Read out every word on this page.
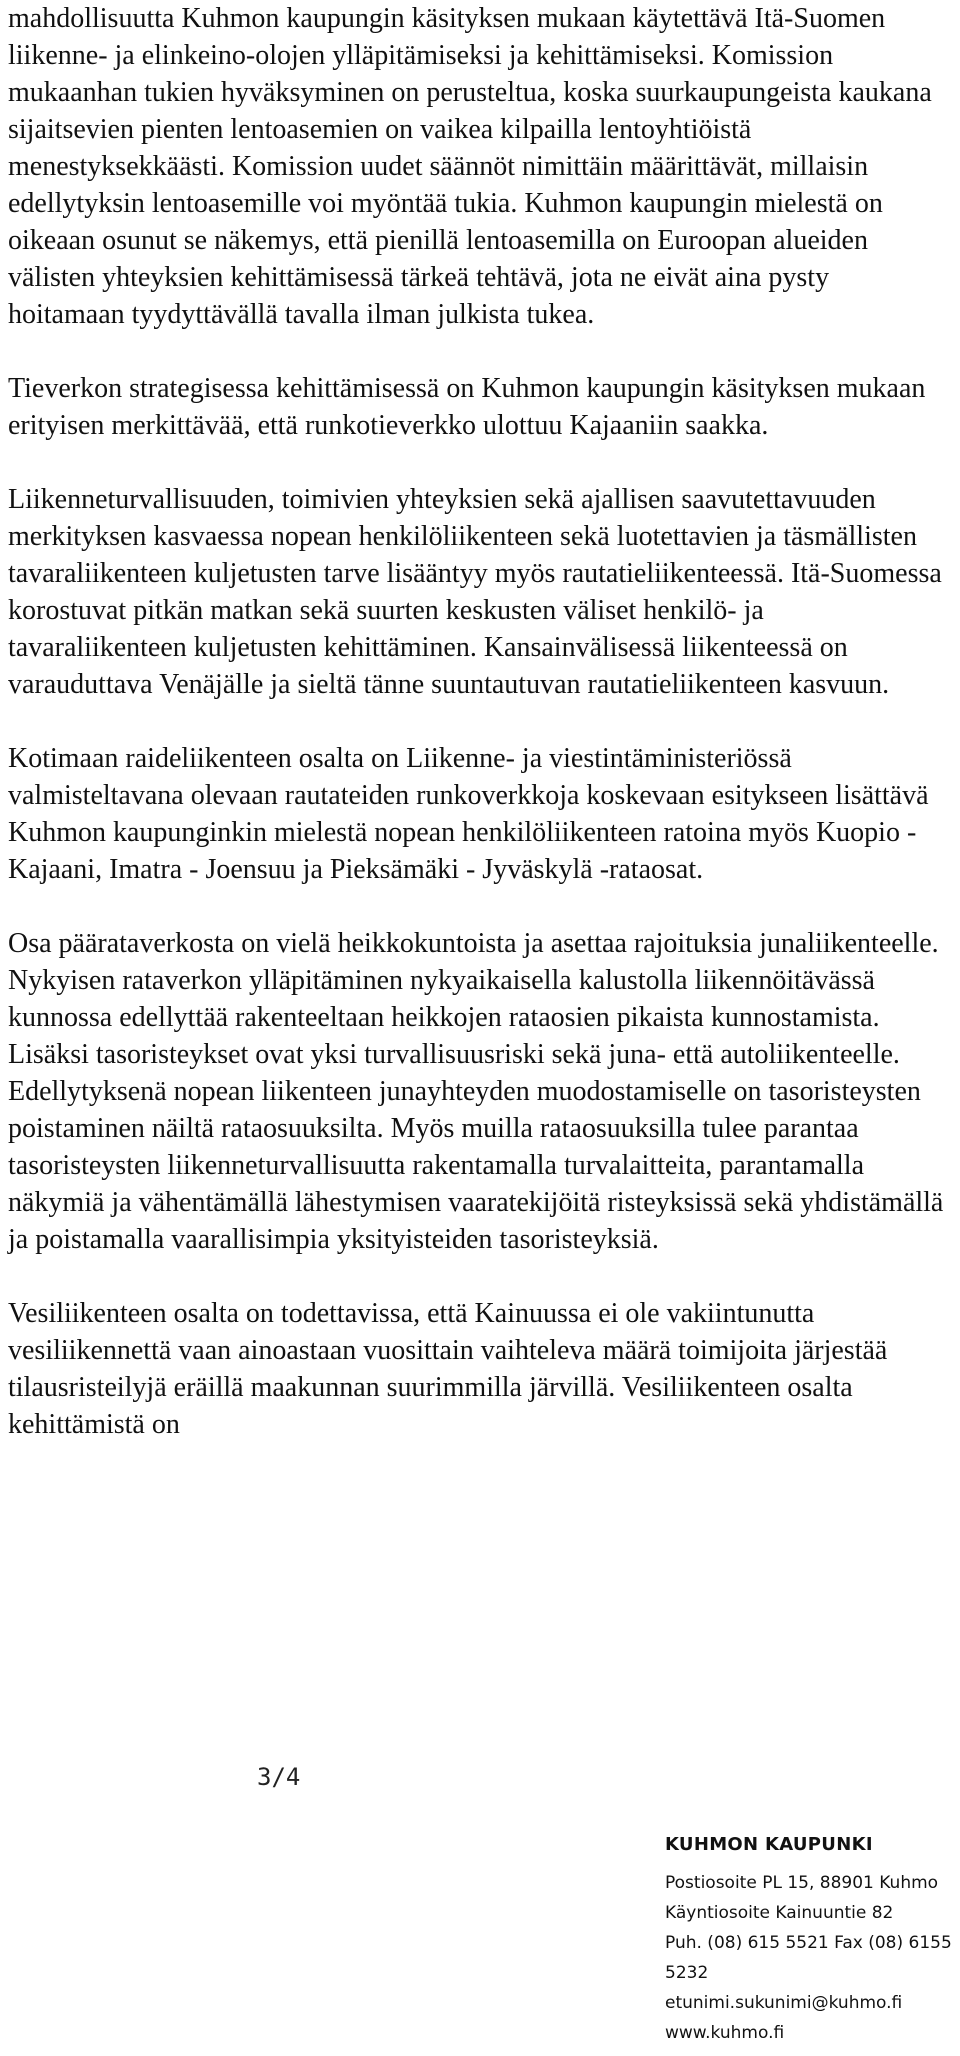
mahdollisuutta Kuhmon kaupungin käsityksen mukaan käytettävä Itä-Suomen liikenne- ja elinkeino-olojen ylläpitämiseksi ja kehittämiseksi. Komission mukaanhan tukien hyväksyminen on perusteltua, koska suurkaupungeista kaukana sijaitsevien pienten lentoasemien on vaikea kilpailla lentoyhtiöistä menestyksekkäästi. Komission uudet säännöt nimittäin määrittävät, millaisin edellytyksin lentoasemille voi myöntää tukia. Kuhmon kaupungin mielestä on oikeaan osunut se näkemys, että pienillä lentoasemilla on Euroopan alueiden välisten yhteyksien kehittämisessä tärkeä tehtävä, jota ne eivät aina pysty hoitamaan tyydyttävällä tavalla ilman julkista tukea.

Tieverkon strategisessa kehittämisessä on Kuhmon kaupungin käsityksen mukaan erityisen merkittävää, että runkotieverkko ulottuu Kajaaniin saakka.

Liikenneturvallisuuden, toimivien yhteyksien sekä ajallisen saavutettavuuden merkityksen kasvaessa nopean henkilöliikenteen sekä luotettavien ja täsmällisten tavaraliikenteen kuljetusten tarve lisääntyy myös rautatieliikenteessä. Itä-Suomessa korostuvat pitkän matkan sekä suurten keskusten väliset henkilö- ja tavaraliikenteen kuljetusten kehittäminen. Kansainvälisessä liikenteessä on varauduttava Venäjälle ja sieltä tänne suuntautuvan rautatieliikenteen kasvuun.

Kotimaan raideliikenteen osalta on Liikenne- ja viestintäministeriössä valmisteltavana olevaan rautateiden runkoverkkoja koskevaan esitykseen lisättävä Kuhmon kaupunginkin mielestä nopean henkilöliikenteen ratoina myös Kuopio - Kajaani, Imatra - Joensuu ja Pieksämäki - Jyväskylä -rataosat.

Osa päärataverkosta on vielä heikkokuntoista ja asettaa rajoituksia junaliikenteelle. Nykyisen rataverkon ylläpitäminen nykyaikaisella kalustolla liikennöitävässä kunnossa edellyttää rakenteeltaan heikkojen rataosien pikaista kunnostamista. Lisäksi tasoristeykset ovat yksi turvallisuusriski sekä juna- että autoliikenteelle. Edellytyksenä nopean liikenteen junayhteyden muodostamiselle on tasoristeysten poistaminen näiltä rataosuuksilta. Myös muilla rataosuuksilla tulee parantaa tasoristeysten liikenneturvallisuutta rakentamalla turvalaitteita, parantamalla näkymiä ja vähentämällä lähestymisen vaaratekijöitä risteyksissä sekä yhdistämällä ja poistamalla vaarallisimpia yksityisteiden tasoristeyksiä.

Vesiliikenteen osalta on todettavissa, että Kainuussa ei ole vakiintunutta vesiliikennettä vaan ainoastaan vuosittain vaihteleva määrä toimijoita järjestää tilausristeilyjä eräillä maakunnan suurimmilla järvillä. Vesiliikenteen osalta kehittämistä on

3/4
KUHMON KAUPUNKI
Postiosoite PL 15, 88901 Kuhmo
Käyntiosoite Kainuuntie 82
Puh. (08) 615 5521 Fax (08) 6155 5232
etunimi.sukunimi@kuhmo.fi
www.kuhmo.fi
